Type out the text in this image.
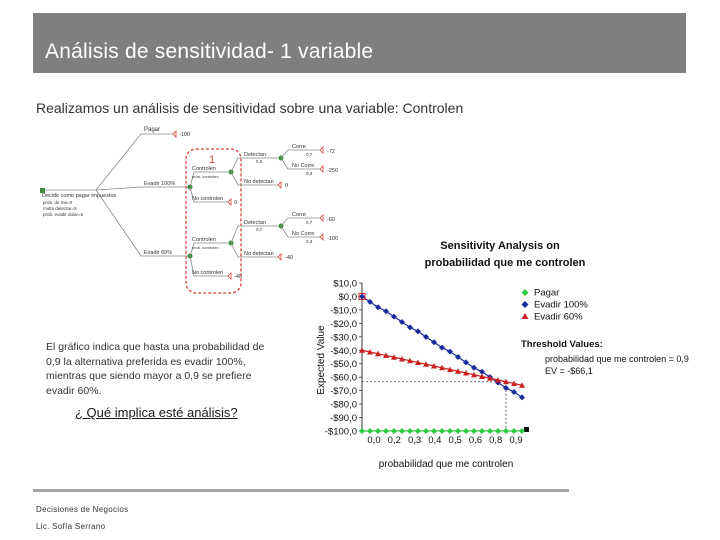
Análisis de sensitividad- 1 variable
Realizamos un análisis de sensitividad sobre una variable: Controlen
1
Decidir como pagar impuestos
prob. de me=0
multa detectar=5
prob. evadir dolar=5
Pagar
-100
Evadir 100%
Evadir 60%
Controlen
prob. controlen
No controlen
0
Detectan
0,5
No detectan
0
Corre
0,7	-72
No Corre
0,3	-250
Controlen
prob. controlen
No controlen
-40
Detectan
0,7
No detectan
-40
Corre
0,7	-60
No Corre
0,3	-100
El gráfico indica que hasta una probabilidad de 0,9 la alternativa preferida es evadir 100%, mientras que siendo mayor a 0,9 se prefiere evadir 60%.
¿ Qué implica esté análisis?
Sensitivity Analysis on
probabilidad que me controlen
Expected Value
probabilidad que me controlen
$10,0
$0,0
-$10,0
-$20,0
-$30,0
-$40,0
-$50,0
-$60,0
-$70,0
-$80,0
-$90,0
-$100,0
0,0 0,2 0,3 0,4 0,5 0,6 0,8 0,9
Pagar
Evadir 100%
Evadir 60%
Threshold Values:
probabilidad que me controlen = 0,9
EV = -$66,1
Decisiones de Negocios
Lic. Sofía Serrano
